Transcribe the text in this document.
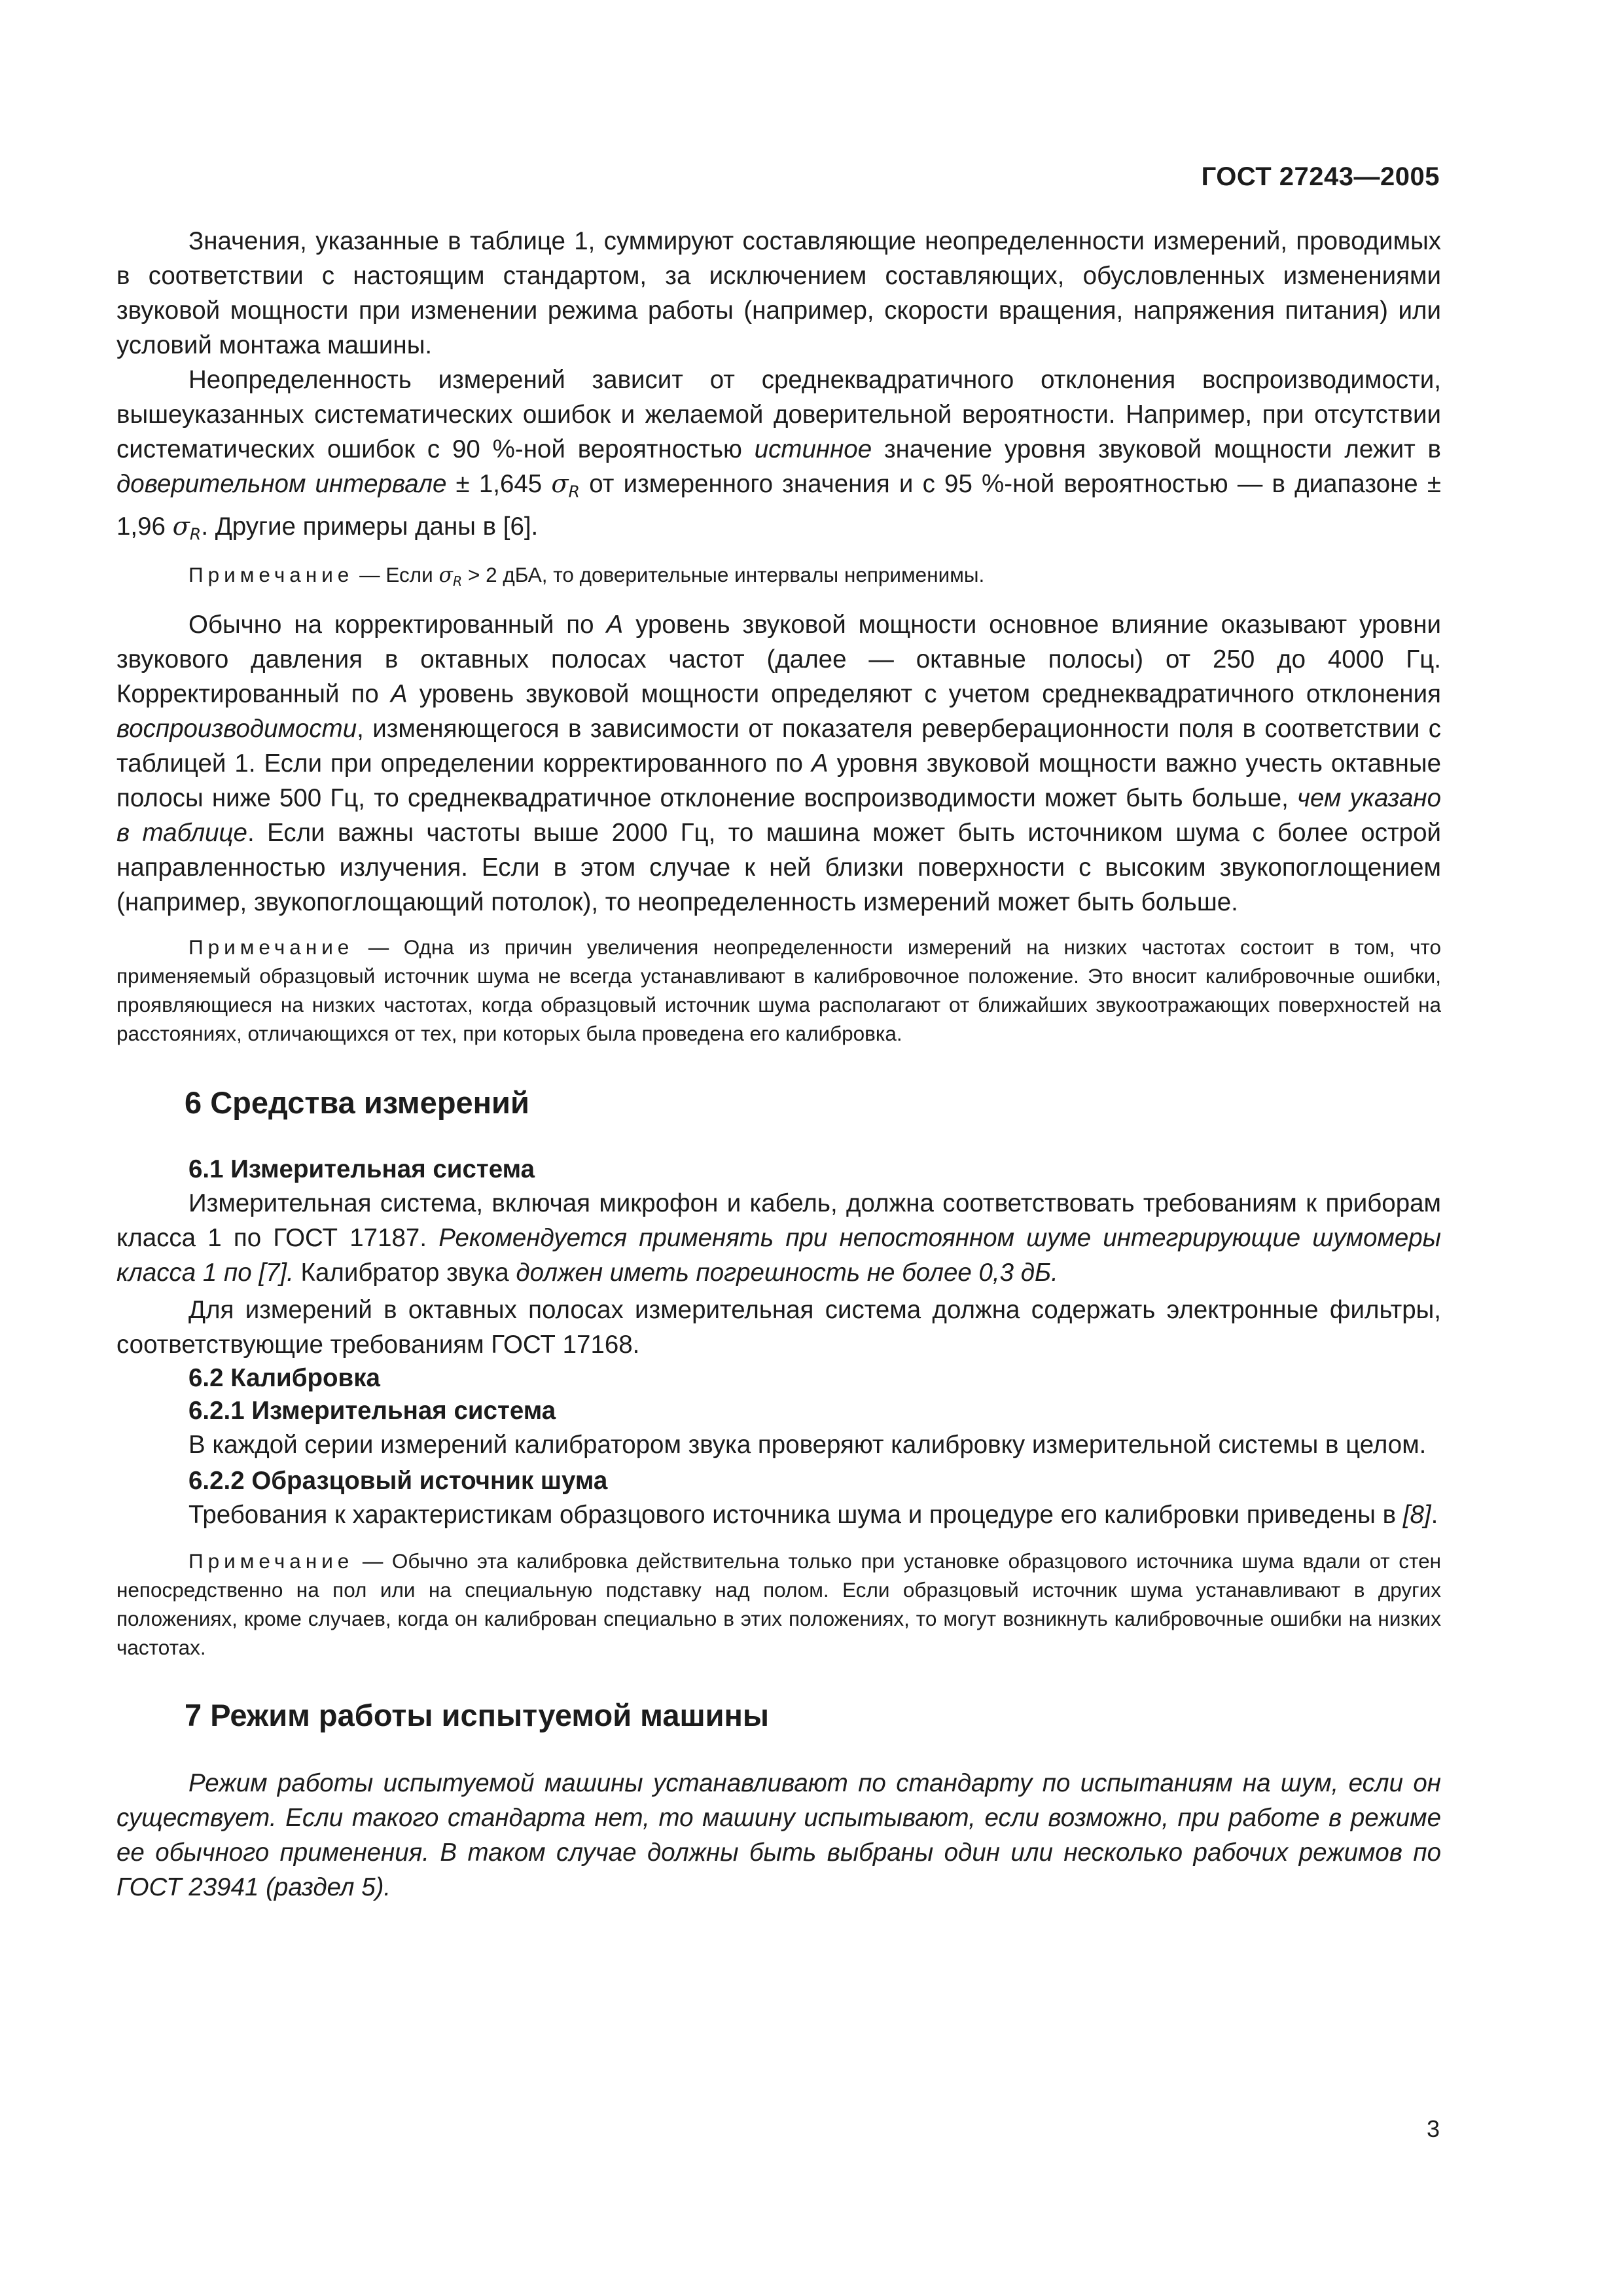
ГОСТ 27243—2005

Значения, указанные в таблице 1, суммируют составляющие неопределенности измерений, проводимых в соответствии с настоящим стандартом, за исключением составляющих, обусловленных изменениями звуковой мощности при изменении режима работы (например, скорости вращения, напряжения питания) или условий монтажа машины.

Неопределенность измерений зависит от среднеквадратичного отклонения воспроизводимости, вышеуказанных систематических ошибок и желаемой доверительной вероятности. Например, при отсутствии систематических ошибок с 90 %-ной вероятностью истинное значение уровня звуковой мощности лежит в доверительном интервале ± 1,645 $\sigma_R$ от измеренного значения и с 95 %-ной вероятностью — в диапазоне ± 1,96 $\sigma_R$. Другие примеры даны в [6].

Примечание — Если $\sigma_R > 2$ дБА, то доверительные интервалы неприменимы.

Обычно на корректированный по A уровень звуковой мощности основное влияние оказывают уровни звукового давления в октавных полосах частот (далее — октавные полосы) от 250 до 4000 Гц. Корректированный по A уровень звуковой мощности определяют с учетом среднеквадратичного отклонения воспроизводимости, изменяющегося в зависимости от показателя реверберационности поля в соответствии с таблицей 1. Если при определении корректированного по A уровня звуковой мощности важно учесть октавные полосы ниже 500 Гц, то среднеквадратичное отклонение воспроизводимости может быть больше, чем указано в таблице. Если важны частоты выше 2000 Гц, то машина может быть источником шума с более острой направленностью излучения. Если в этом случае к ней близки поверхности с высоким звукопоглощением (например, звукопоглощающий потолок), то неопределенность измерений может быть больше.

Примечание — Одна из причин увеличения неопределенности измерений на низких частотах состоит в том, что применяемый образцовый источник шума не всегда устанавливают в калибровочное положение. Это вносит калибровочные ошибки, проявляющиеся на низких частотах, когда образцовый источник шума располагают от ближайших звукоотражающих поверхностей на расстояниях, отличающихся от тех, при которых была проведена его калибровка.

6 Средства измерений
6.1 Измерительная система

Измерительная система, включая микрофон и кабель, должна соответствовать требованиям к приборам класса 1 по ГОСТ 17187. Рекомендуется применять при непостоянном шуме интегрирующие шумомеры класса 1 по [7]. Калибратор звука должен иметь погрешность не более 0,3 дБ.

Для измерений в октавных полосах измерительная система должна содержать электронные фильтры, соответствующие требованиям ГОСТ 17168.

6.2 Калибровка
6.2.1 Измерительная система

В каждой серии измерений калибратором звука проверяют калибровку измерительной системы в целом.

6.2.2 Образцовый источник шума

Требования к характеристикам образцового источника шума и процедуре его калибровки приведены в [8].

Примечание — Обычно эта калибровка действительна только при установке образцового источника шума вдали от стен непосредственно на пол или на специальную подставку над полом. Если образцовый источник шума устанавливают в других положениях, кроме случаев, когда он калиброван специально в этих положениях, то могут возникнуть калибровочные ошибки на низких частотах.

7 Режим работы испытуемой машины

Режим работы испытуемой машины устанавливают по стандарту по испытаниям на шум, если он существует. Если такого стандарта нет, то машину испытывают, если возможно, при работе в режиме ее обычного применения. В таком случае должны быть выбраны один или несколько рабочих режимов по ГОСТ 23941 (раздел 5).

3
